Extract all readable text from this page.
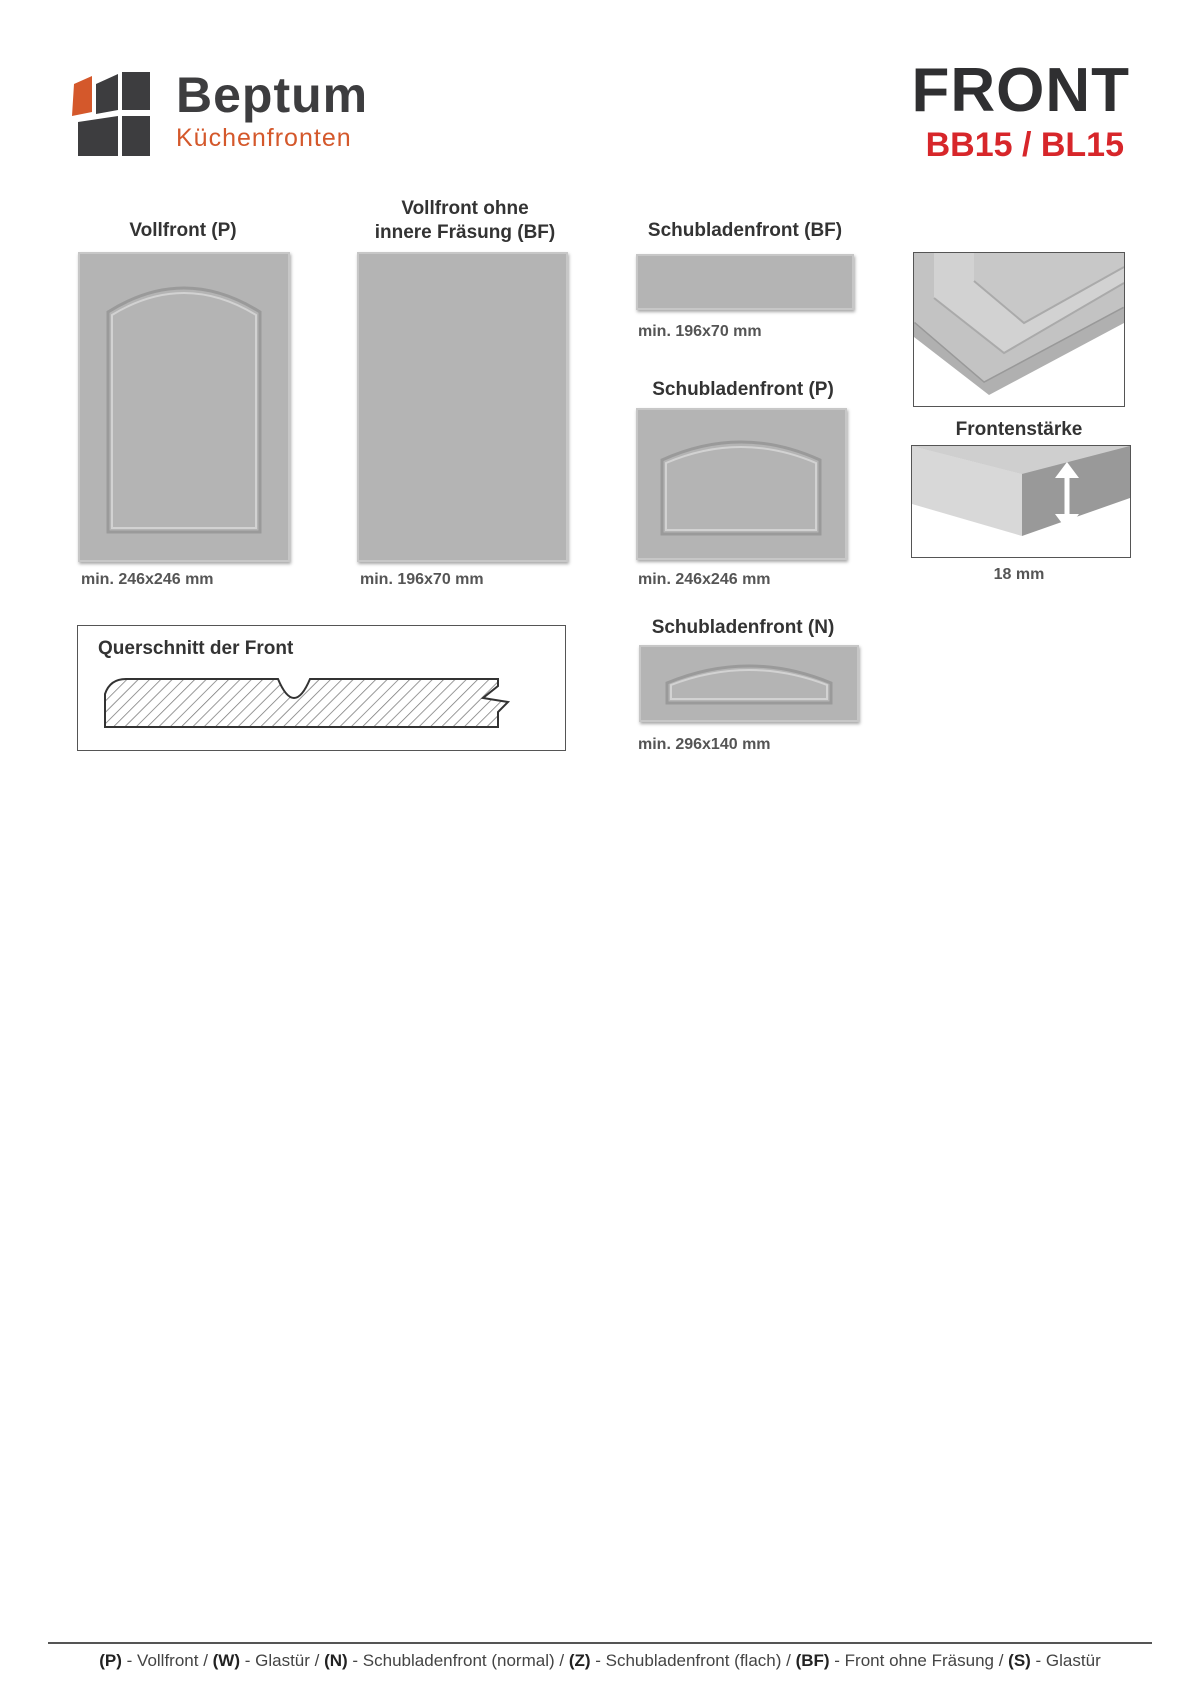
Beptum
Küchenfronten
FRONT
BB15 / BL15
Vollfront (P)
min. 246x246 mm
Vollfront ohne
innere Fräsung (BF)
min. 196x70 mm
Schubladenfront (BF)
min. 196x70 mm
Schubladenfront (P)
min. 246x246 mm
Schubladenfront (N)
min. 296x140 mm
Frontenstärke
18 mm
Querschnitt der Front
(P) - Vollfront / (W) - Glastür / (N) - Schubladenfront (normal) / (Z) - Schubladenfront (flach) / (BF) - Front ohne Fräsung / (S) - Glastür
